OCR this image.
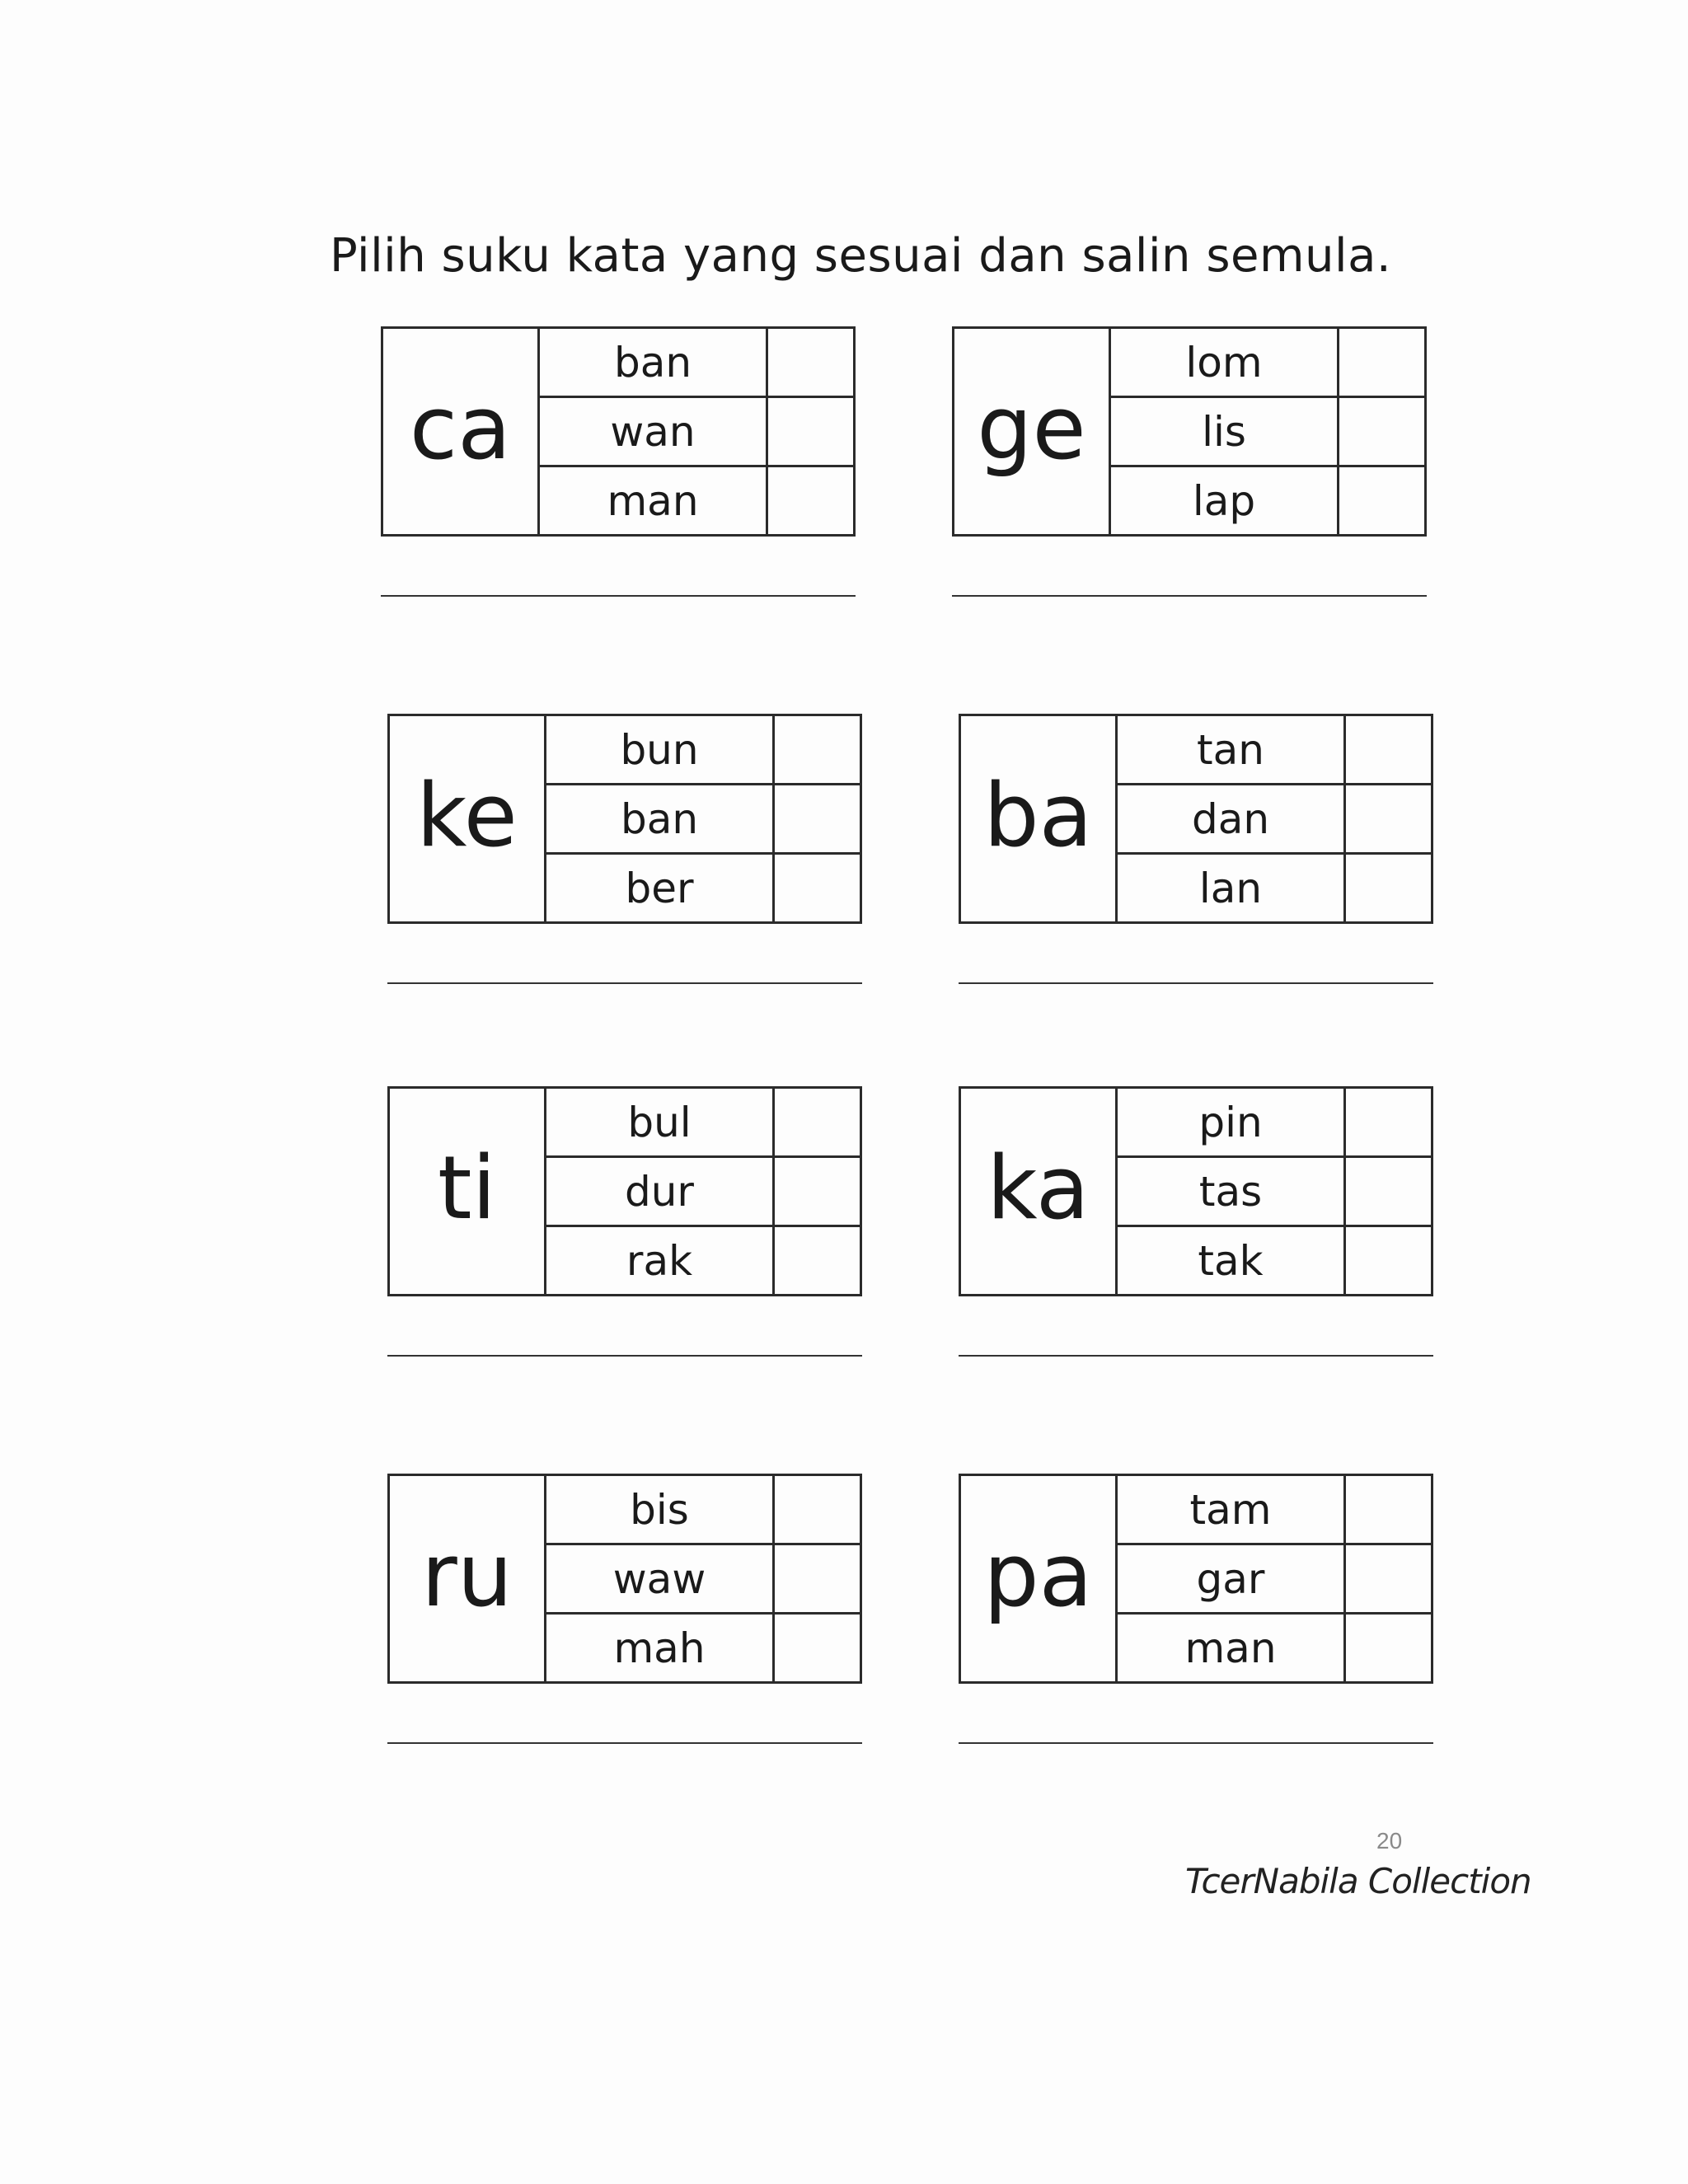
Pilih suku kata yang sesuai dan salin semula.
ca
ban
wan
man
ge
lom
lis
lap
ke
bun
ban
ber
ba
tan
dan
lan
ti
bul
dur
rak
ka
pin
tas
tak
ru
bis
waw
mah
pa
tam
gar
man
20
TcerNabila Collection
